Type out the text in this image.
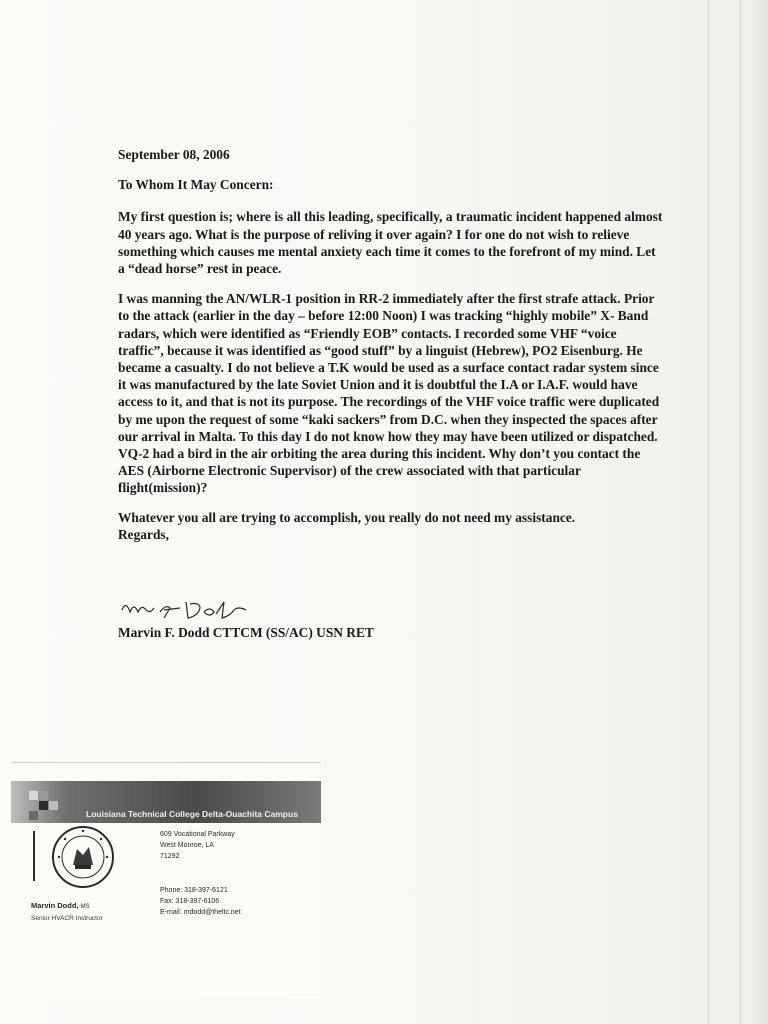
September 08, 2006

To Whom It May Concern:

My first question is; where is all this leading, specifically, a traumatic incident happened almost 40 years ago. What is the purpose of reliving it over again? I for one do not wish to relieve something which causes me mental anxiety each time it comes to the forefront of my mind. Let a “dead horse” rest in peace.

I was manning the AN/WLR-1 position in RR-2 immediately after the first strafe attack. Prior to the attack (earlier in the day – before 12:00 Noon) I was tracking “highly mobile” X- Band radars, which were identified as “Friendly EOB” contacts. I recorded some VHF “voice traffic”, because it was identified as “good stuff” by a linguist (Hebrew), PO2 Eisenburg. He became a casualty. I do not believe a T.K would be used as a surface contact radar system since it was manufactured by the late Soviet Union and it is doubtful the I.A or I.A.F. would have access to it, and that is not its purpose. The recordings of the VHF voice traffic were duplicated by me upon the request of some “kaki sackers” from D.C. when they inspected the spaces after our arrival in Malta. To this day I do not know how they may have been utilized or dispatched.

VQ-2 had a bird in the air orbiting the area during this incident. Why don’t you contact the AES (Airborne Electronic Supervisor) of the crew associated with that particular flight(mission)?

Whatever you all are trying to accomplish, you really do not need my assistance.

Regards,

Marvin F. Dodd CTTCM (SS/AC) USN RET
Louisiana Technical College Delta-Ouachita Campus
609 Vocational Parkway
West Monroe, LA
71292
Phone: 318-397-6121
Fax: 318-397-6106
E-mail: mdodd@theltc.net
Marvin Dodd, MS
Senior HVACR Instructor
